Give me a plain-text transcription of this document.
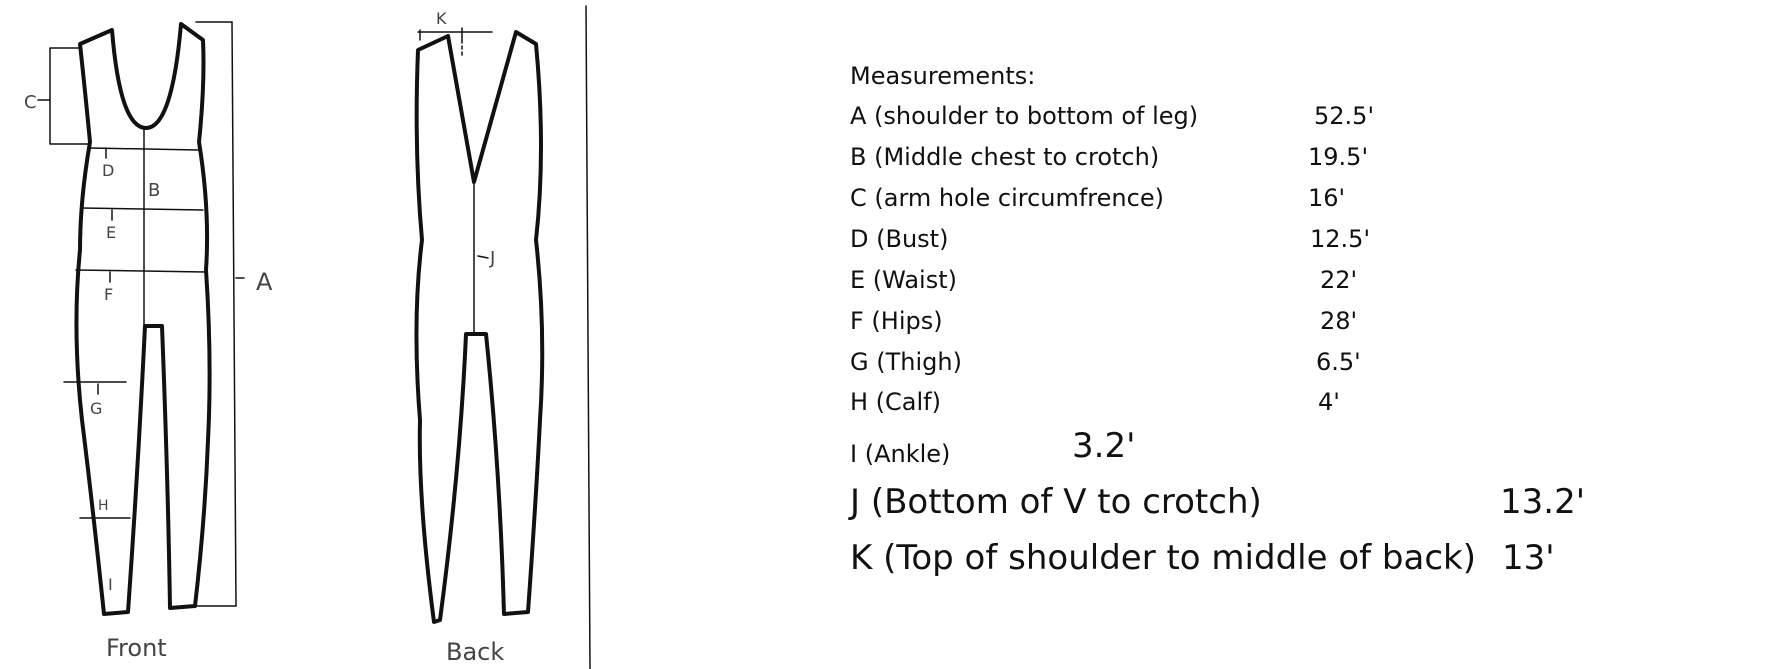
A
B
C
D
E
F
G
H
I
J
K
Front	Back
Measurements:
A (shoulder to bottom of leg)	52.5'
B (Middle chest to crotch)	19.5'
C (arm hole circumfrence)	16'
D (Bust)	12.5'
E (Waist)	22'
F (Hips)	28'
G (Thigh)	6.5'
H (Calf)	4'
I (Ankle)	3.2'
J (Bottom of V to crotch)	13.2'
K (Top of shoulder to middle of back) 13'
